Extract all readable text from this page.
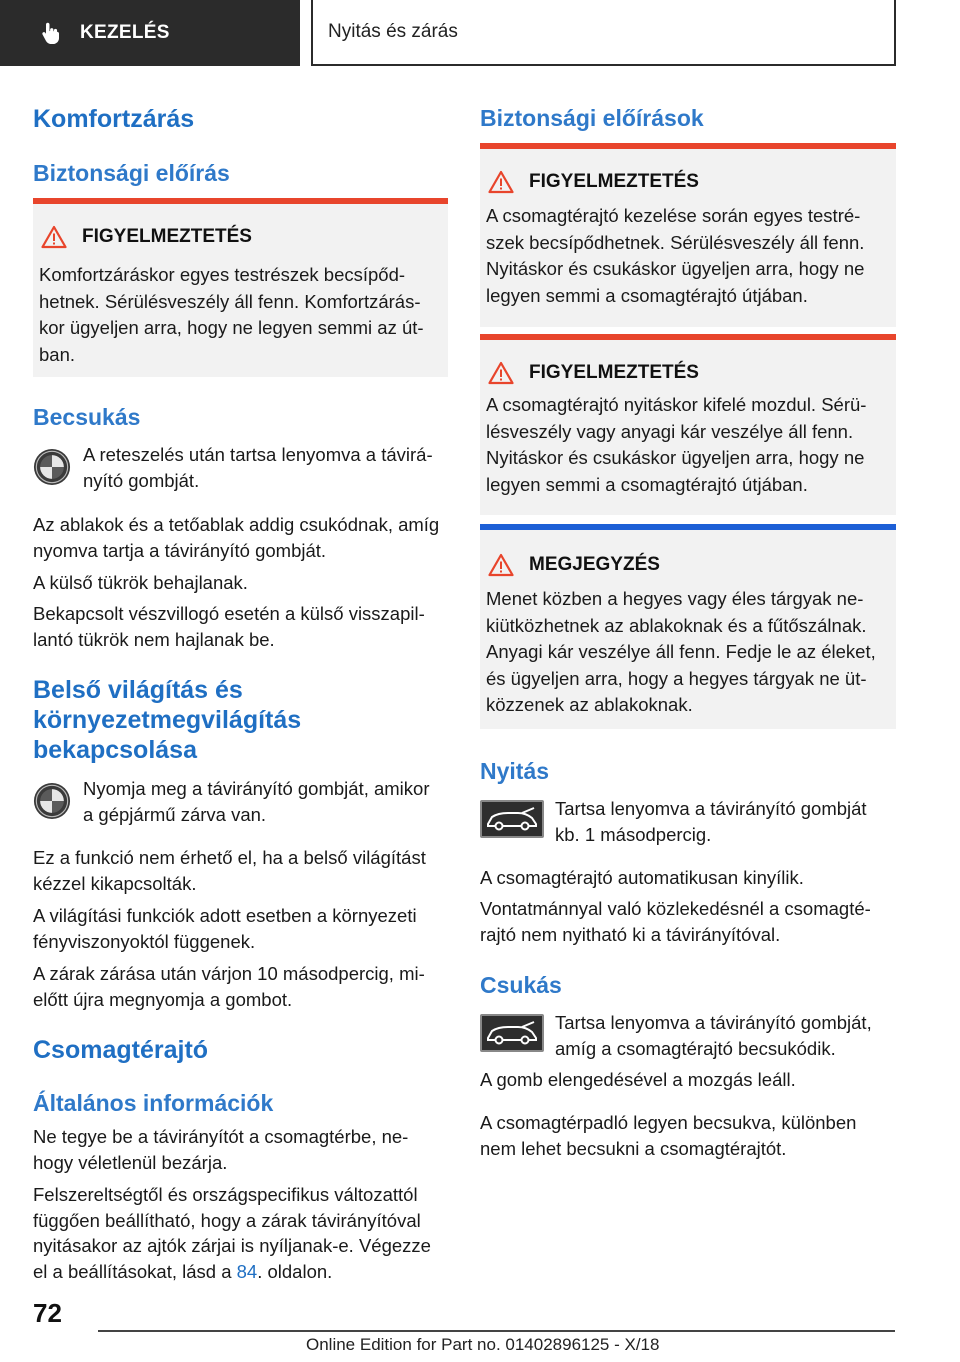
KEZELÉS	Nyitás és zárás
Komfortzárás
Biztonsági előírás
FIGYELMEZTETÉS
Komfortzáráskor egyes testrészek becsípőd-
hetnek. Sérülésveszély áll fenn. Komfortzárás-
kor ügyeljen arra, hogy ne legyen semmi az út-
ban.
Becsukás
A reteszelés után tartsa lenyomva a távirá-
nyító gombját.
Az ablakok és a tetőablak addig csukódnak, amíg
nyomva tartja a távirányító gombját.
A külső tükrök behajlanak.
Bekapcsolt vészvillogó esetén a külső visszapil-
lantó tükrök nem hajlanak be.
Belső világítás és
környezetmegvilágítás
bekapcsolása
Nyomja meg a távirányító gombját, amikor
a gépjármű zárva van.
Ez a funkció nem érhető el, ha a belső világítást
kézzel kikapcsolták.
A világítási funkciók adott esetben a környezeti
fényviszonyoktól függenek.
A zárak zárása után várjon 10 másodpercig, mi-
előtt újra megnyomja a gombot.
Csomagtérajtó
Általános információk
Ne tegye be a távirányítót a csomagtérbe, ne-
hogy véletlenül bezárja.
Felszereltségtől és országspecifikus változattól
függően beállítható, hogy a zárak távirányítóval
nyitásakor az ajtók zárjai is nyíljanak-e. Végezze
el a beállításokat, lásd a 84. oldalon.
Biztonsági előírások
FIGYELMEZTETÉS
A csomagtérajtó kezelése során egyes testré-
szek becsípődhetnek. Sérülésveszély áll fenn.
Nyitáskor és csukáskor ügyeljen arra, hogy ne
legyen semmi a csomagtérajtó útjában.
FIGYELMEZTETÉS
A csomagtérajtó nyitáskor kifelé mozdul. Sérü-
lésveszély vagy anyagi kár veszélye áll fenn.
Nyitáskor és csukáskor ügyeljen arra, hogy ne
legyen semmi a csomagtérajtó útjában.
MEGJEGYZÉS
Menet közben a hegyes vagy éles tárgyak ne-
kiütközhetnek az ablakoknak és a fűtőszálnak.
Anyagi kár veszélye áll fenn. Fedje le az éleket,
és ügyeljen arra, hogy a hegyes tárgyak ne üt-
közzenek az ablakoknak.
Nyitás
Tartsa lenyomva a távirányító gombját
kb. 1 másodpercig.
A csomagtérajtó automatikusan kinyílik.
Vontatmánnyal való közlekedésnél a csomagté-
rajtó nem nyitható ki a távirányítóval.
Csukás
Tartsa lenyomva a távirányító gombját,
amíg a csomagtérajtó becsukódik.
A gomb elengedésével a mozgás leáll.
A csomagtérpadló legyen becsukva, különben
nem lehet becsukni a csomagtérajtót.
72
Online Edition for Part no. 01402896125 - X/18
